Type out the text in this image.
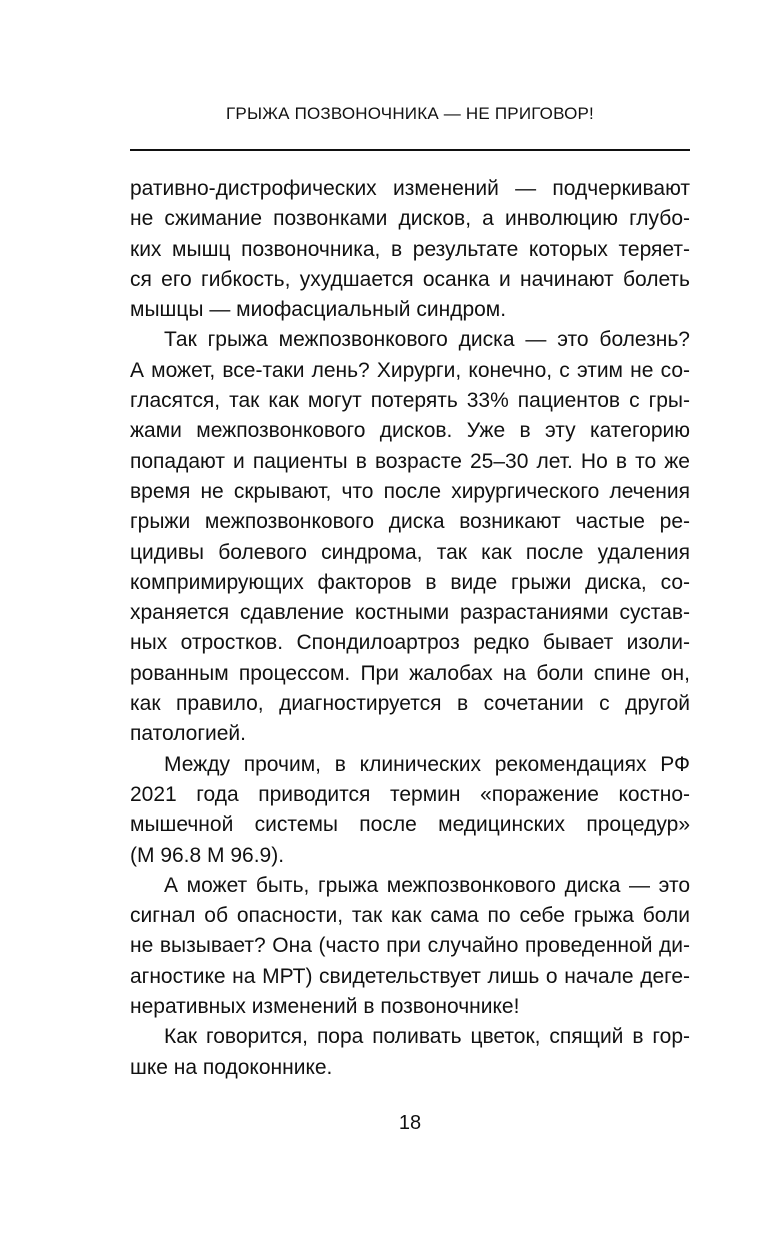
ГРЫЖА ПОЗВОНОЧНИКА — НЕ ПРИГОВОР!
ративно-дистрофических изменений — подчеркивают
не сжимание позвонками дисков, а инволюцию глубо-
ких мышц позвоночника, в результате которых теряет-
ся его гибкость, ухудшается осанка и начинают болеть
мышцы — миофасциальный синдром.
Так грыжа межпозвонкового диска — это болезнь?
А может, все-таки лень? Хирурги, конечно, с этим не со-
гласятся, так как могут потерять 33% пациентов с гры-
жами межпозвонкового дисков. Уже в эту категорию
попадают и пациенты в возрасте 25–30 лет. Но в то же
время не скрывают, что после хирургического лечения
грыжи межпозвонкового диска возникают частые ре-
цидивы болевого синдрома, так как после удаления
компримирующих факторов в виде грыжи диска, со-
храняется сдавление костными разрастаниями сустав-
ных отростков. Спондилоартроз редко бывает изоли-
рованным процессом. При жалобах на боли спине он,
как правило, диагностируется в сочетании с другой
патологией.
Между прочим, в клинических рекомендациях РФ
2021 года приводится термин «поражение костно-
мышечной системы после медицинских процедур»
(М 96.8 М 96.9).
А может быть, грыжа межпозвонкового диска — это
сигнал об опасности, так как сама по себе грыжа боли
не вызывает? Она (часто при случайно проведенной ди-
агностике на МРТ) свидетельствует лишь о начале деге-
неративных изменений в позвоночнике!
Как говорится, пора поливать цветок, спящий в гор-
шке на подоконнике.
18
